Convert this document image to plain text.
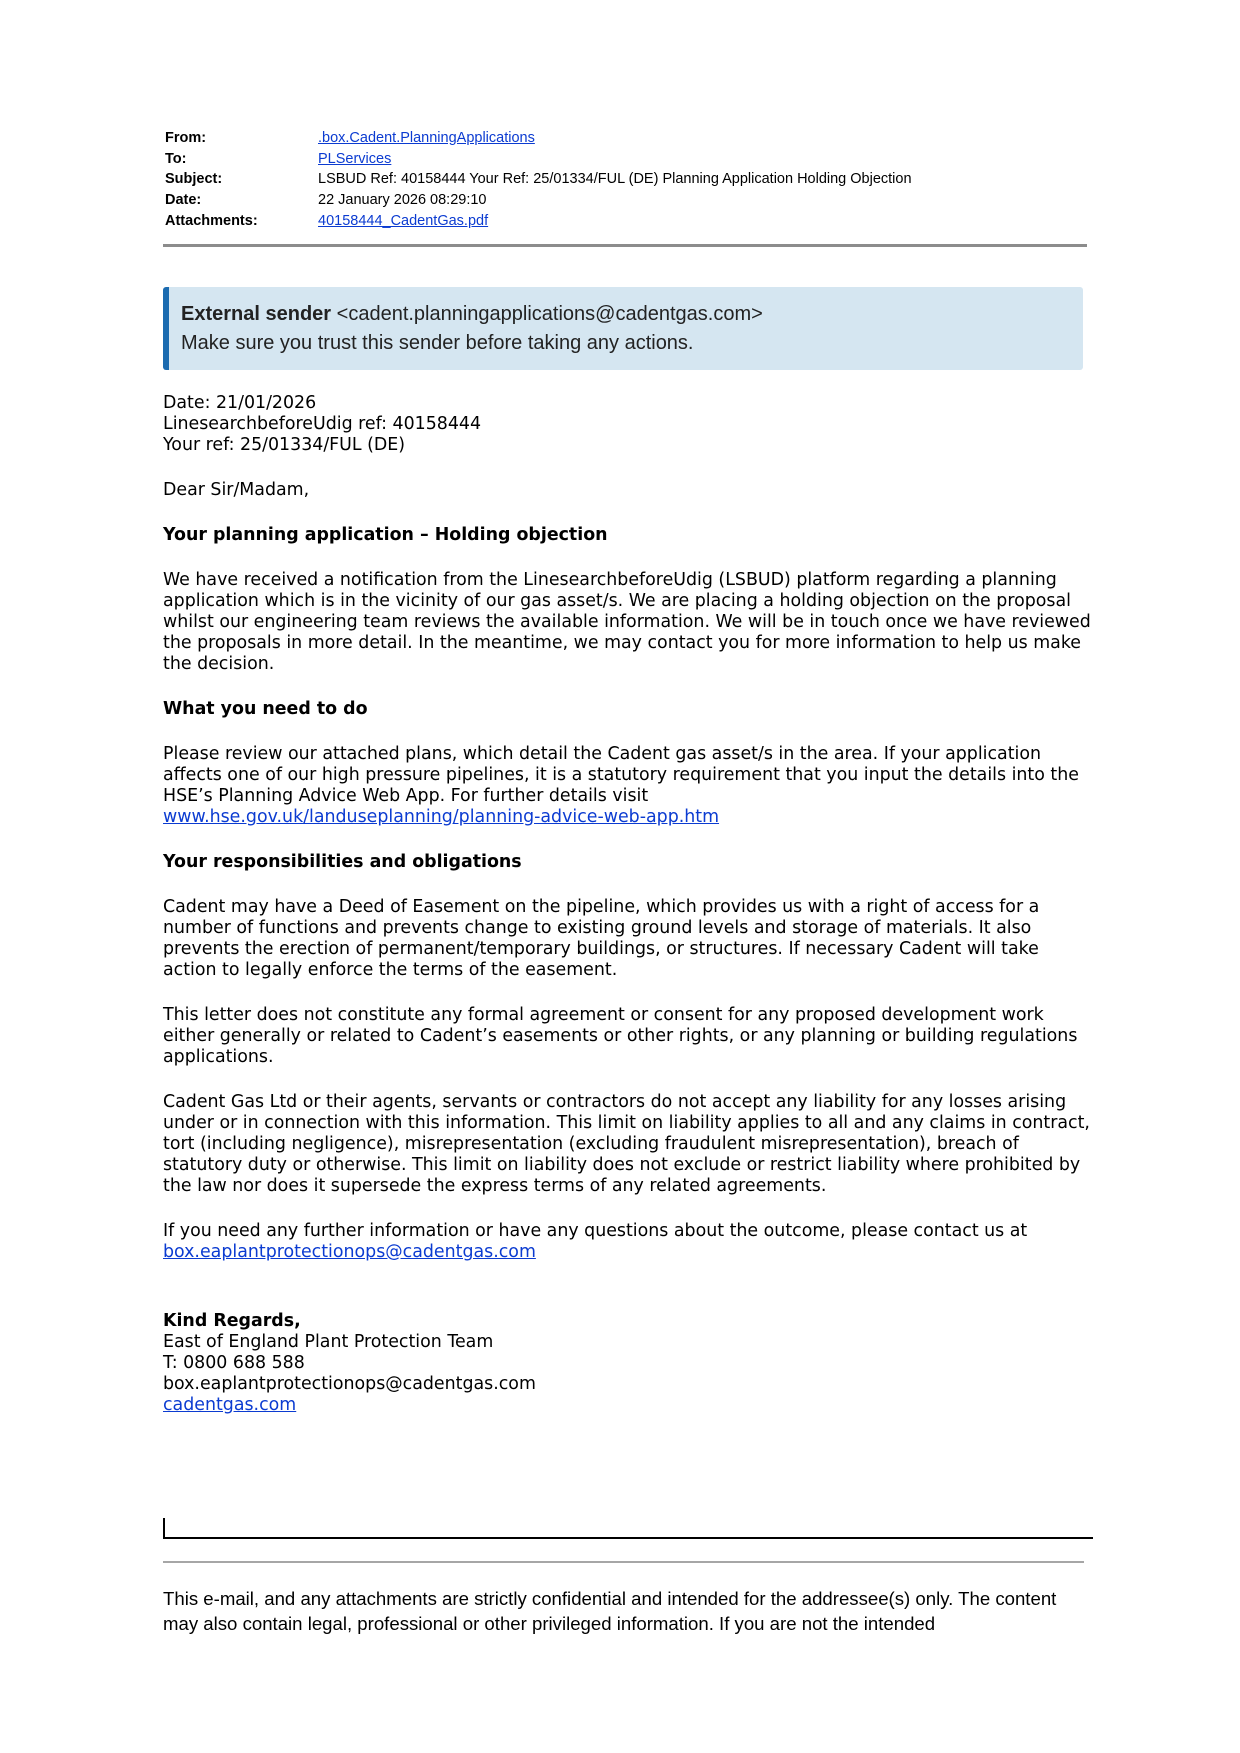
From:	.box.Cadent.PlanningApplications
To:	PLServices
Subject:	LSBUD Ref: 40158444 Your Ref: 25/01334/FUL (DE) Planning Application Holding Objection
Date:	22 January 2026 08:29:10
Attachments:	40158444_CadentGas.pdf
External sender <cadent.planningapplications@cadentgas.com>
Make sure you trust this sender before taking any actions.

Date: 21/01/2026

LinesearchbeforeUdig ref: 40158444

Your ref: 25/01334/FUL (DE)

Dear Sir/Madam,

Your planning application – Holding objection

We have received a notification from the LinesearchbeforeUdig (LSBUD) platform regarding a planning application which is in the vicinity of our gas asset/s. We are placing a holding objection on the proposal whilst our engineering team reviews the available information. We will be in touch once we have reviewed the proposals in more detail. In the meantime, we may contact you for more information to help us make the decision.

What you need to do

Please review our attached plans, which detail the Cadent gas asset/s in the area. If your application affects one of our high pressure pipelines, it is a statutory requirement that you input the details into the HSE’s Planning Advice Web App. For further details visit
www.hse.gov.uk/landuseplanning/planning-advice-web-app.htm

Your responsibilities and obligations

Cadent may have a Deed of Easement on the pipeline, which provides us with a right of access for a number of functions and prevents change to existing ground levels and storage of materials. It also prevents the erection of permanent/temporary buildings, or structures. If necessary Cadent will take action to legally enforce the terms of the easement.

This letter does not constitute any formal agreement or consent for any proposed development work either generally or related to Cadent’s easements or other rights, or any planning or building regulations applications.

Cadent Gas Ltd or their agents, servants or contractors do not accept any liability for any losses arising under or in connection with this information. This limit on liability applies to all and any claims in contract, tort (including negligence), misrepresentation (excluding fraudulent misrepresentation), breach of statutory duty or otherwise. This limit on liability does not exclude or restrict liability where prohibited by the law nor does it supersede the express terms of any related agreements.

If you need any further information or have any questions about the outcome, please contact us at
box.eaplantprotectionops@cadentgas.com

Kind Regards,

East of England Plant Protection Team

T: 0800 688 588

box.eaplantprotectionops@cadentgas.com

cadentgas.com

This e-mail, and any attachments are strictly confidential and intended for the addressee(s) only. The content may also contain legal, professional or other privileged information. If you are not the intended
